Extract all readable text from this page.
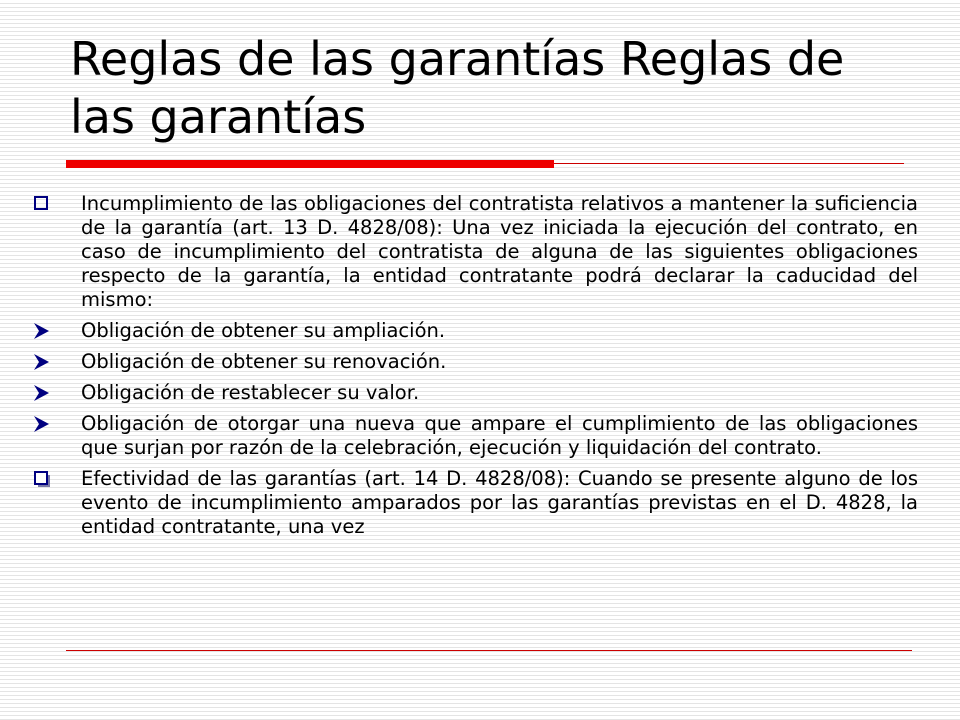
Reglas de las garantías Reglas de las garantías
Incumplimiento de las obligaciones del contratista relativos a mantener la suficiencia de la garantía (art. 13 D. 4828/08): Una vez iniciada la ejecución del contrato, en caso de incumplimiento del contratista de alguna de las siguientes obligaciones respecto de la garantía, la entidad contratante podrá declarar la caducidad del mismo:
Obligación de obtener su ampliación.
Obligación de obtener su renovación.
Obligación de restablecer su valor.
Obligación de otorgar una nueva que ampare el cumplimiento de las obligaciones que surjan por razón de la celebración, ejecución y liquidación del contrato.
Efectividad de las garantías (art. 14 D. 4828/08): Cuando se presente alguno de los evento de incumplimiento amparados por las garantías previstas en el D. 4828, la entidad contratante, una vez
